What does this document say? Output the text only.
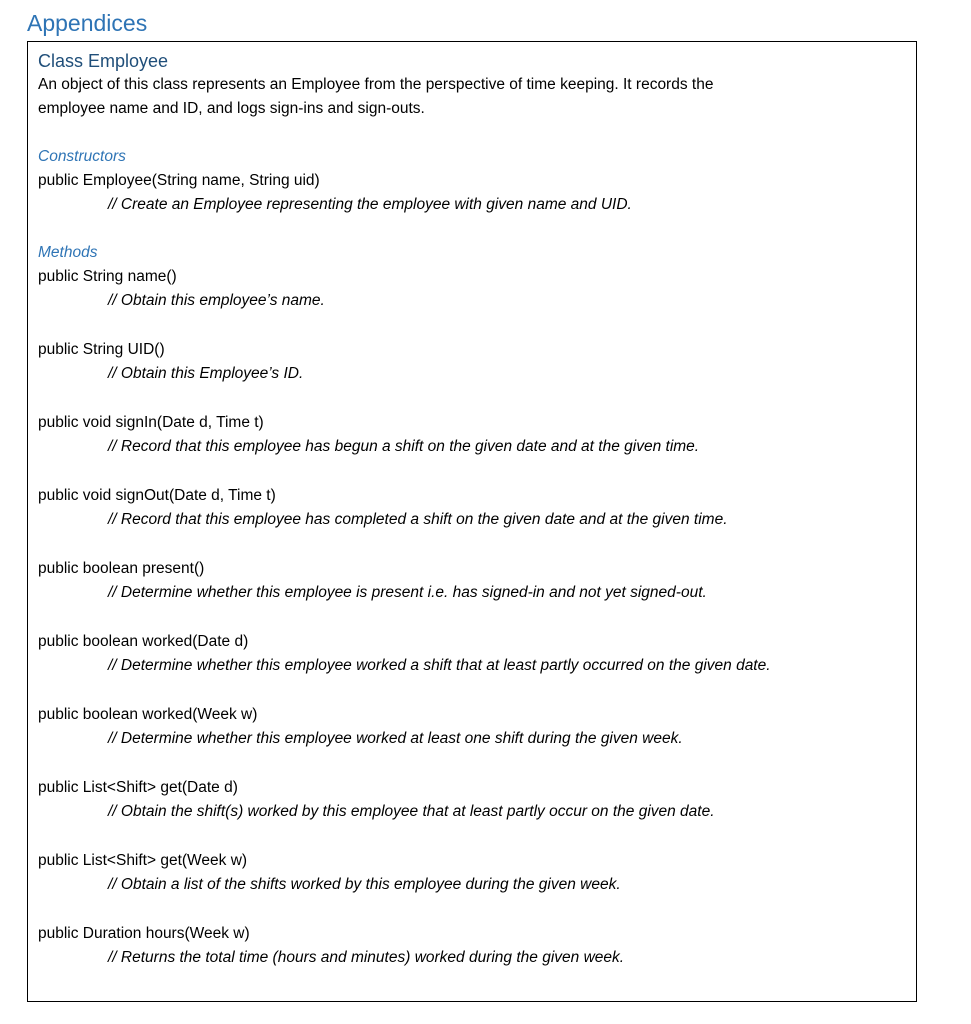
Appendices

Class Employee

An object of this class represents an Employee from the perspective of time keeping. It records the

employee name and ID, and logs sign-ins and sign-outs.

Constructors

public Employee(String name, String uid)

// Create an Employee representing the employee with given name and UID.

Methods

public String name()

// Obtain this employee’s name.

public String UID()

// Obtain this Employee’s ID.

public void signIn(Date d, Time t)

// Record that this employee has begun a shift on the given date and at the given time.

public void signOut(Date d, Time t)

// Record that this employee has completed a shift on the given date and at the given time.

public boolean present()

// Determine whether this employee is present i.e. has signed-in and not yet signed-out.

public boolean worked(Date d)

// Determine whether this employee worked a shift that at least partly occurred on the given date.

public boolean worked(Week w)

// Determine whether this employee worked at least one shift during the given week.

public List<Shift> get(Date d)

// Obtain the shift(s) worked by this employee that at least partly occur on the given date.

public List<Shift> get(Week w)

// Obtain a list of the shifts worked by this employee during the given week.

public Duration hours(Week w)

// Returns the total time (hours and minutes) worked during the given week.
